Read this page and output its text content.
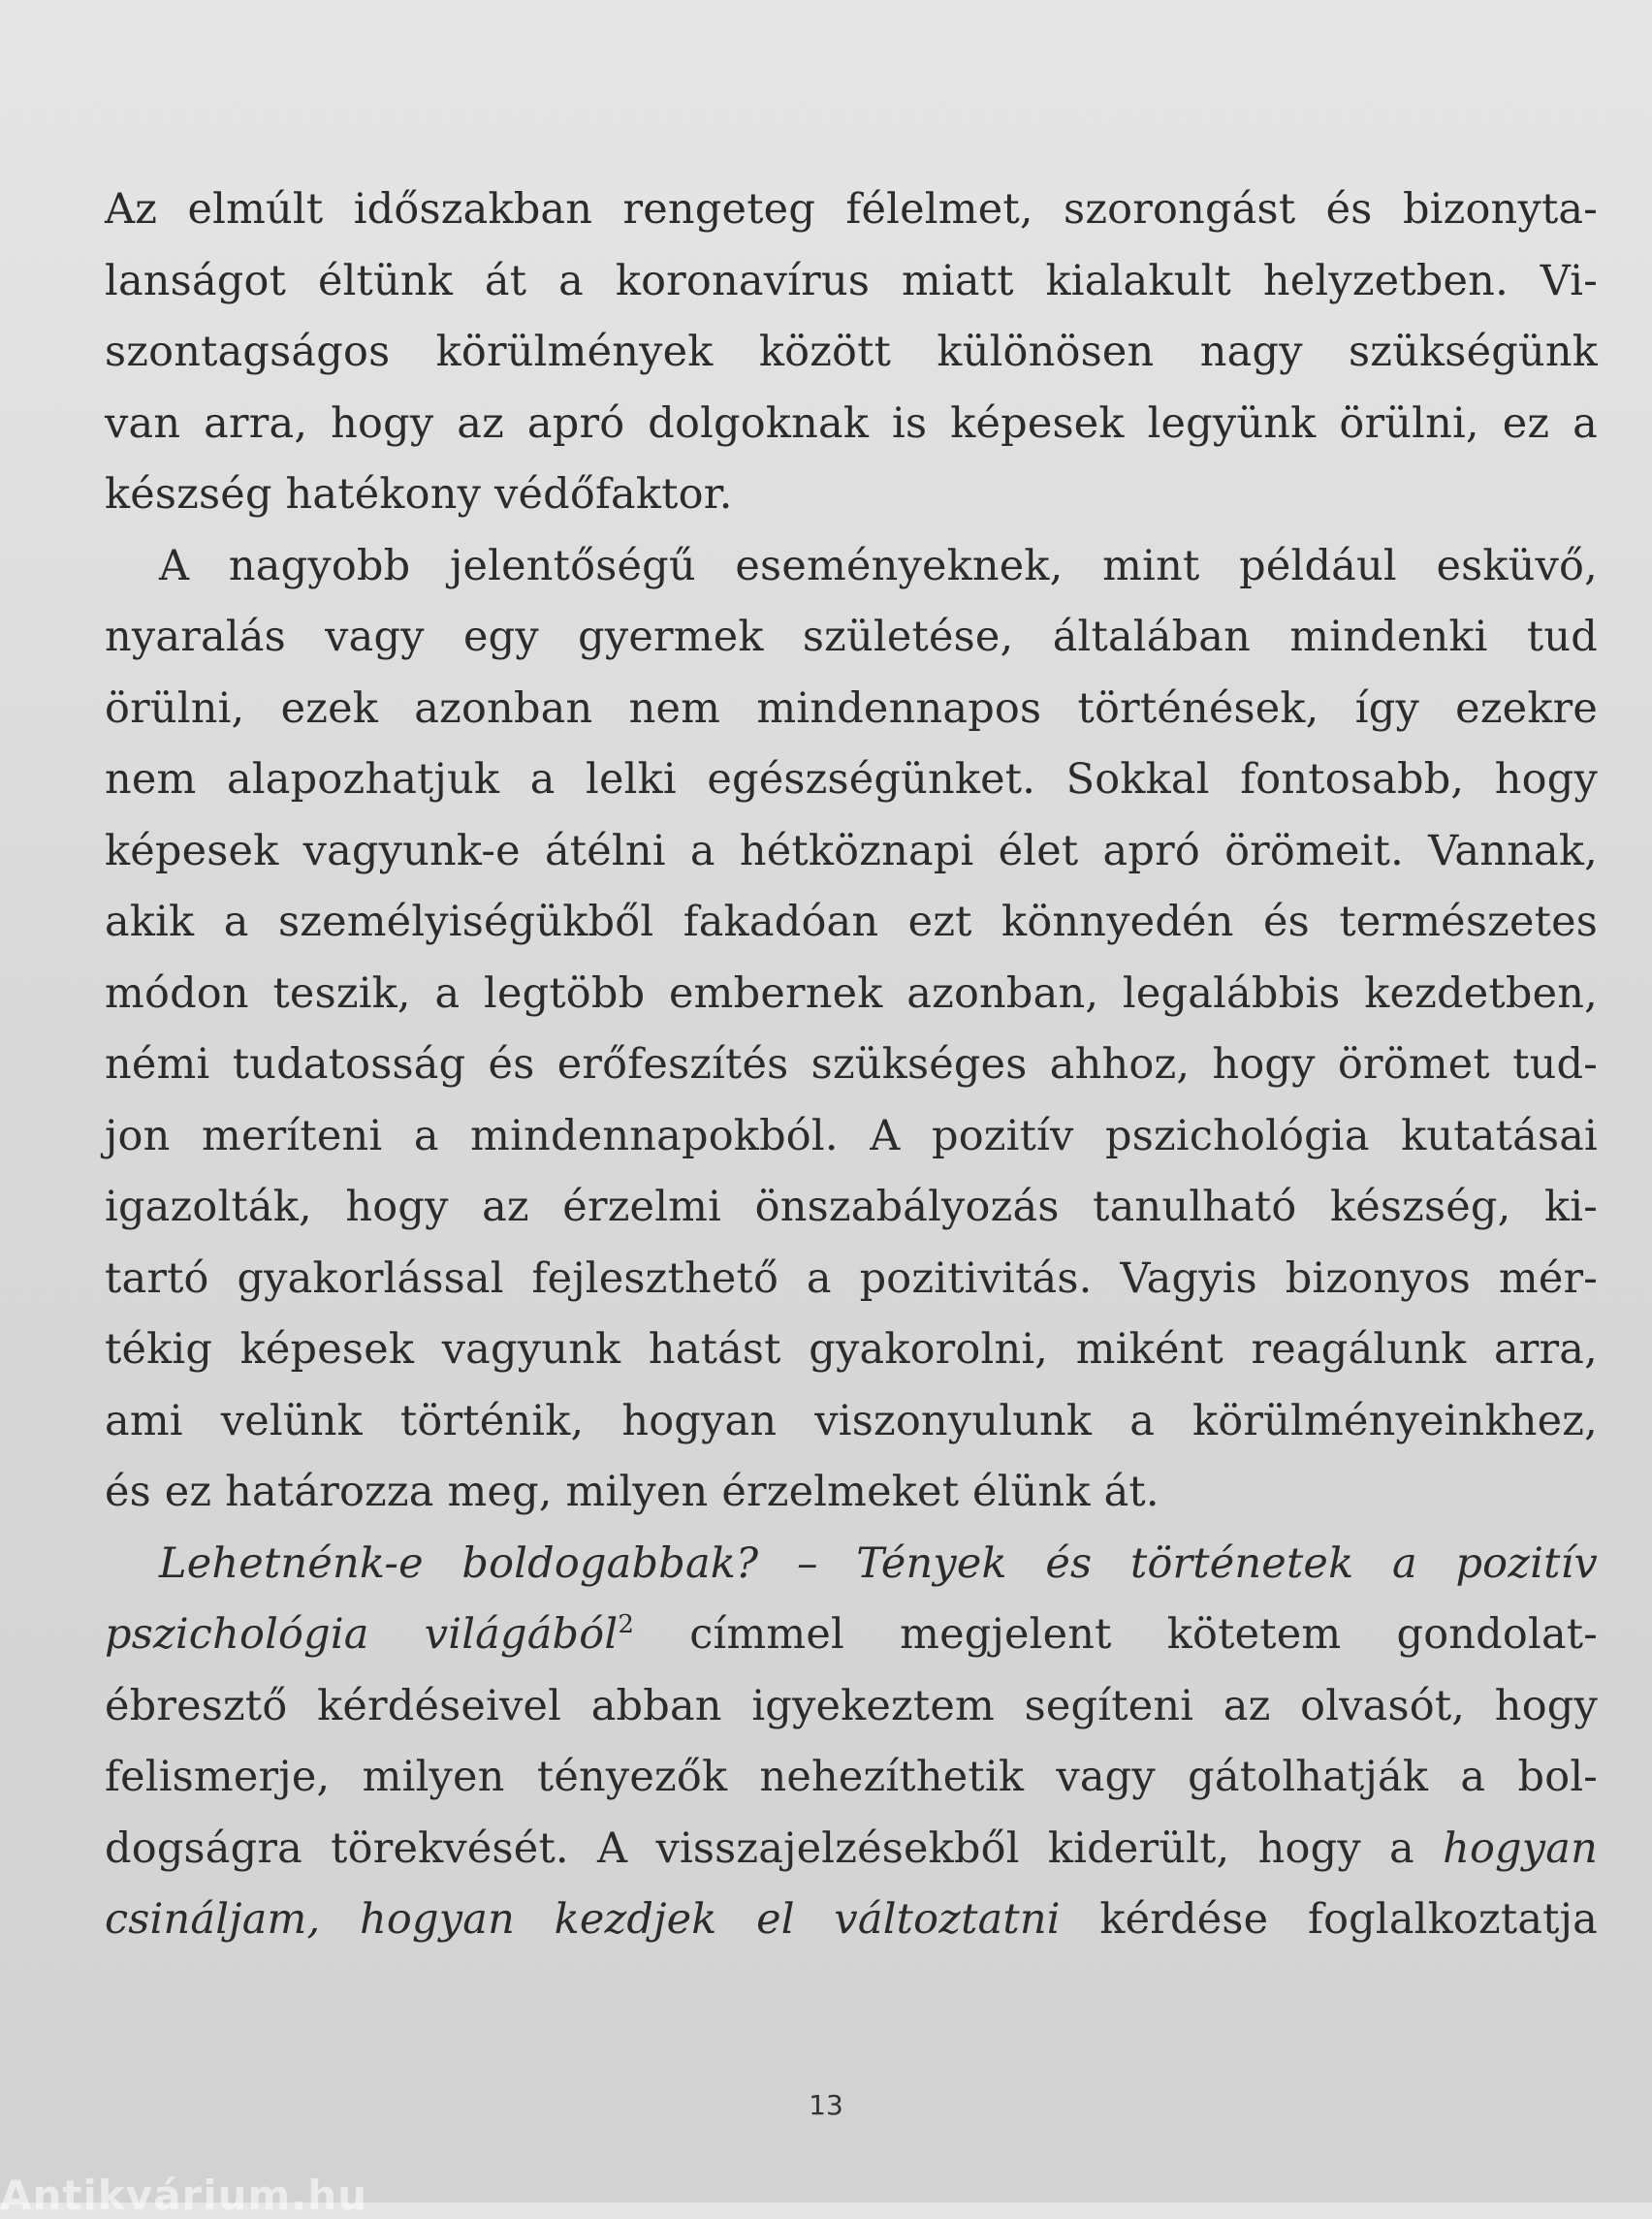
Az elmúlt időszakban rengeteg félelmet, szorongást és bizonyta-
lanságot éltünk át a koronavírus miatt kialakult helyzetben. Vi-
szontagságos körülmények között különösen nagy szükségünk
van arra, hogy az apró dolgoknak is képesek legyünk örülni, ez a
készség hatékony védőfaktor.

A nagyobb jelentőségű eseményeknek, mint például esküvő,
nyaralás vagy egy gyermek születése, általában mindenki tud
örülni, ezek azonban nem mindennapos történések, így ezekre
nem alapozhatjuk a lelki egészségünket. Sokkal fontosabb, hogy
képesek vagyunk-e átélni a hétköznapi élet apró örömeit. Vannak,
akik a személyiségükből fakadóan ezt könnyedén és természetes
módon teszik, a legtöbb embernek azonban, legalábbis kezdetben,
némi tudatosság és erőfeszítés szükséges ahhoz, hogy örömet tud-
jon meríteni a mindennapokból. A pozitív pszichológia kutatásai
igazolták, hogy az érzelmi önszabályozás tanulható készség, ki-
tartó gyakorlással fejleszthető a pozitivitás. Vagyis bizonyos mér-
tékig képesek vagyunk hatást gyakorolni, miként reagálunk arra,
ami velünk történik, hogyan viszonyulunk a körülményeinkhez,
és ez határozza meg, milyen érzelmeket élünk át.

Lehetnénk-e boldogabbak? – Tények és történetek a pozitív
pszichológia világából$^2$ címmel megjelent kötetem gondolat-
ébresztő kérdéseivel abban igyekeztem segíteni az olvasót, hogy
felismerje, milyen tényezők nehezíthetik vagy gátolhatják a bol-
dogságra törekvését. A visszajelzésekből kiderült, hogy a hogyan
csináljam, hogyan kezdjek el változtatni kérdése foglalkoztatja

13
Antikvárium.hu
